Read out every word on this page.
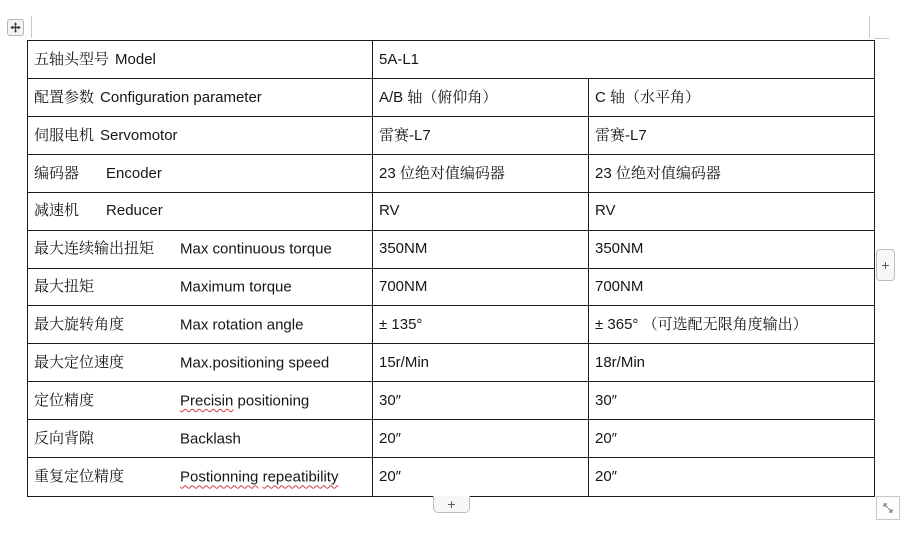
五轴头型号 Model	5A-L1
配置参数 Configuration parameter	A/B 轴（俯仰角）	C 轴（水平角）
伺服电机 Servomotor	雷赛-L7	雷赛-L7
编码器 Encoder	23 位绝对值编码器	23 位绝对值编码器
减速机 Reducer	RV	RV
最大连续输出扭矩 Max continuous torque	350NM	350NM
最大扭矩	Maximum torque	700NM	700NM
最大旋转角度	Max rotation angle	± 135°	± 365° （可选配无限角度输出）
最大定位速度	Max.positioning speed	15r/Min	18r/Min
定位精度	Precisin positioning	30″	30″
反向背隙	Backlash	20″	20″
重复定位精度	Postionning repeatibility	20″	20″
+
+
